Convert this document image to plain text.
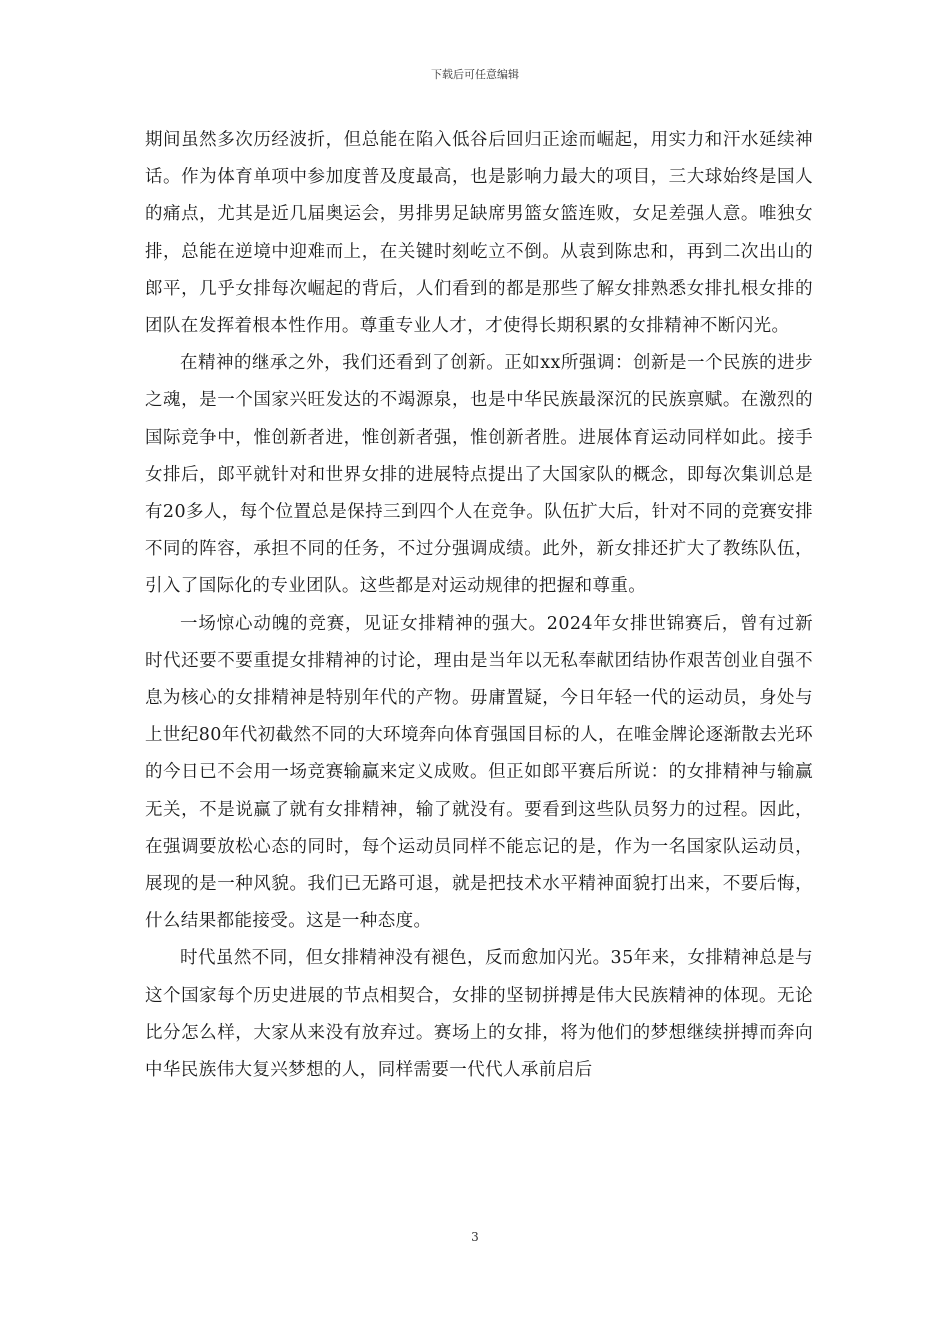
下载后可任意编辑

期间虽然多次历经波折，但总能在陷入低谷后回归正途而崛起，用实力和汗水延续神话。作为体育单项中参加度普及度最高，也是影响力最大的项目，三大球始终是国人的痛点，尤其是近几届奥运会，男排男足缺席男篮女篮连败，女足差强人意。唯独女排，总能在逆境中迎难而上，在关键时刻屹立不倒。从袁到陈忠和，再到二次出山的郎平，几乎女排每次崛起的背后，人们看到的都是那些了解女排熟悉女排扎根女排的团队在发挥着根本性作用。尊重专业人才，才使得长期积累的女排精神不断闪光。

在精神的继承之外，我们还看到了创新。正如xx所强调：创新是一个民族的进步之魂，是一个国家兴旺发达的不竭源泉，也是中华民族最深沉的民族禀赋。在激烈的国际竞争中，惟创新者进，惟创新者强，惟创新者胜。进展体育运动同样如此。接手女排后，郎平就针对和世界女排的进展特点提出了大国家队的概念，即每次集训总是有20多人，每个位置总是保持三到四个人在竞争。队伍扩大后，针对不同的竞赛安排不同的阵容，承担不同的任务，不过分强调成绩。此外，新女排还扩大了教练队伍，引入了国际化的专业团队。这些都是对运动规律的把握和尊重。

一场惊心动魄的竞赛，见证女排精神的强大。2024年女排世锦赛后，曾有过新时代还要不要重提女排精神的讨论，理由是当年以无私奉献团结协作艰苦创业自强不息为核心的女排精神是特别年代的产物。毋庸置疑，今日年轻一代的运动员，身处与上世纪80年代初截然不同的大环境奔向体育强国目标的人，在唯金牌论逐渐散去光环的今日已不会用一场竞赛输赢来定义成败。但正如郎平赛后所说：的女排精神与输赢无关，不是说赢了就有女排精神，输了就没有。要看到这些队员努力的过程。因此，在强调要放松心态的同时，每个运动员同样不能忘记的是，作为一名国家队运动员，展现的是一种风貌。我们已无路可退，就是把技术水平精神面貌打出来，不要后悔，什么结果都能接受。这是一种态度。

时代虽然不同，但女排精神没有褪色，反而愈加闪光。35年来，女排精神总是与这个国家每个历史进展的节点相契合，女排的坚韧拼搏是伟大民族精神的体现。无论比分怎么样，大家从来没有放弃过。赛场上的女排，将为他们的梦想继续拼搏而奔向中华民族伟大复兴梦想的人，同样需要一代代人承前启后

3
